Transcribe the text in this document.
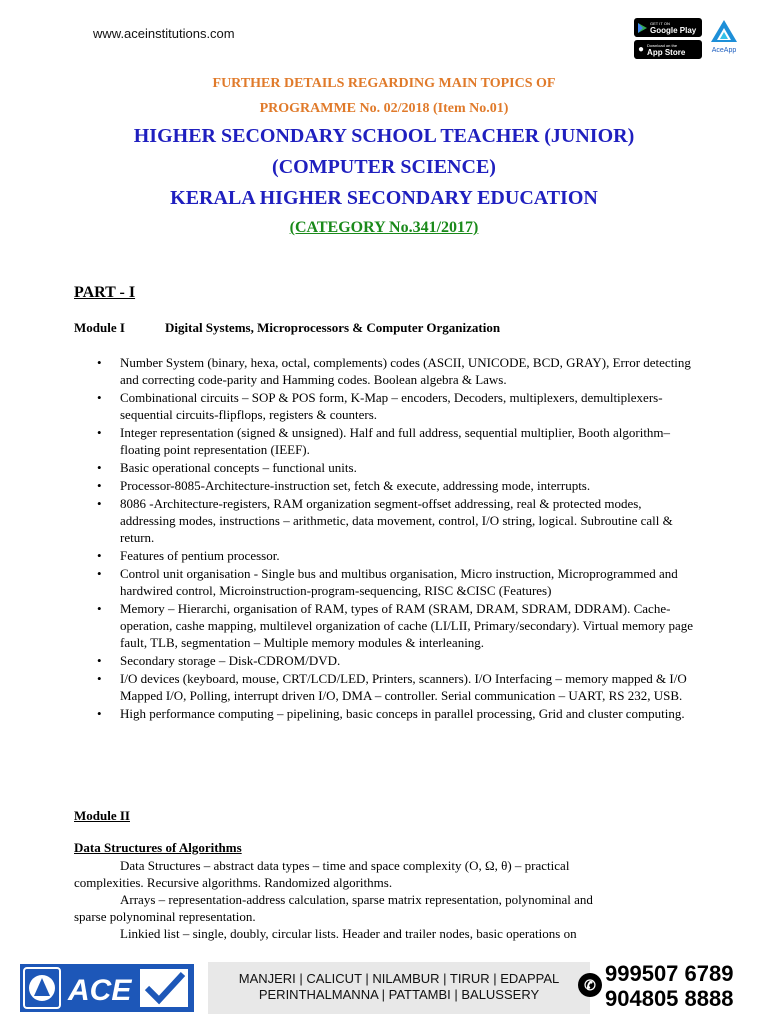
www.aceinstitutions.com
GET IT ON
Google Play
● Download on the
App Store	AceApp
FURTHER DETAILS REGARDING MAIN TOPICS OF
PROGRAMME No. 02/2018 (Item No.01)
HIGHER SECONDARY SCHOOL TEACHER (JUNIOR)
(COMPUTER SCIENCE)
KERALA HIGHER SECONDARY EDUCATION
(CATEGORY No.341/2017)
PART - I
Module I	Digital Systems, Microprocessors & Computer Organization
• Number System (binary, hexa, octal, complements) codes (ASCII, UNICODE, BCD, GRAY), Error detecting and correcting code-parity and Hamming codes. Boolean algebra & Laws.
• Combinational circuits – SOP & POS form, K-Map – encoders, Decoders, multiplexers, demultiplexers-sequential circuits-flipflops, registers & counters.
• Integer representation (signed & unsigned). Half and full address, sequential multiplier, Booth algorithm– floating point representation (IEEF).
• Basic operational concepts – functional units.
• Processor-8085-Architecture-instruction set, fetch & execute, addressing mode, interrupts.
• 8086 -Architecture-registers, RAM organization segment-offset addressing, real & protected modes, addressing modes, instructions – arithmetic, data movement, control, I/O string, logical. Subroutine call & return.
• Features of pentium processor.
• Control unit organisation - Single bus and multibus organisation, Micro instruction, Microprogrammed and hardwired control, Microinstruction-program-sequencing, RISC &CISC (Features)
• Memory – Hierarchi, organisation of RAM, types of RAM (SRAM, DRAM, SDRAM, DDRAM). Cache-operation, cashe mapping, multilevel organization of cache (LI/LII, Primary/secondary). Virtual memory page fault, TLB, segmentation – Multiple memory modules & interleaning.
• Secondary storage – Disk-CDROM/DVD.
• I/O devices (keyboard, mouse, CRT/LCD/LED, Printers, scanners). I/O Interfacing – memory mapped & I/O Mapped I/O, Polling, interrupt driven I/O, DMA – controller. Serial communication – UART, RS 232, USB.
• High performance computing – pipelining, basic conceps in parallel processing, Grid and cluster computing.
Module II
Data Structures of Algorithms

Data Structures – abstract data types – time and space complexity (O, Ω, θ) – practical
complexities. Recursive algorithms. Randomized algorithms.

Arrays – representation-address calculation, sparse matrix representation, polynominal and
sparse polynominal representation.

Linkied list – single, doubly, circular lists. Header and trailer nodes, basic operations on

ACE	MANJERI | CALICUT | NILAMBUR | TIRUR | EDAPPAL
PERINTHALMANNA | PATTAMBI | BALUSSERY
✆ 999507 6789
904805 8888
